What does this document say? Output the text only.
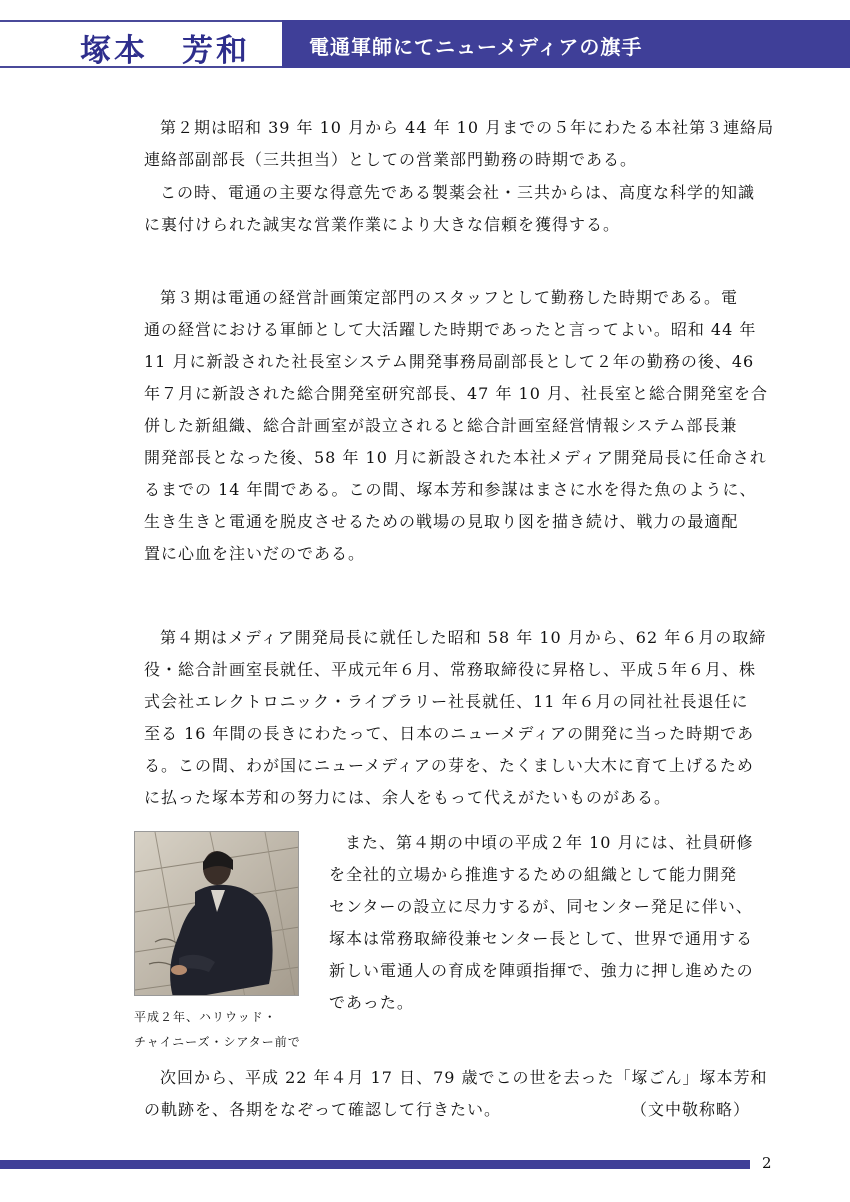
塚本　芳和	電通軍師にてニューメディアの旗手
第２期は昭和 39 年 10 月から 44 年 10 月までの５年にわたる本社第３連絡局
連絡部副部長（三共担当）としての営業部門勤務の時期である。
この時、電通の主要な得意先である製薬会社・三共からは、高度な科学的知識
に裏付けられた誠実な営業作業により大きな信頼を獲得する。
第３期は電通の経営計画策定部門のスタッフとして勤務した時期である。電
通の経営における軍師として大活躍した時期であったと言ってよい。昭和 44 年
11 月に新設された社長室システム開発事務局副部長として２年の勤務の後、46
年７月に新設された総合開発室研究部長、47 年 10 月、社長室と総合開発室を合
併した新組織、総合計画室が設立されると総合計画室経営情報システム部長兼
開発部長となった後、58 年 10 月に新設された本社メディア開発局長に任命され
るまでの 14 年間である。この間、塚本芳和参謀はまさに水を得た魚のように、
生き生きと電通を脱皮させるための戦場の見取り図を描き続け、戦力の最適配
置に心血を注いだのである。
第４期はメディア開発局長に就任した昭和 58 年 10 月から、62 年６月の取締
役・総合計画室長就任、平成元年６月、常務取締役に昇格し、平成５年６月、株
式会社エレクトロニック・ライブラリー社長就任、11 年６月の同社社長退任に
至る 16 年間の長きにわたって、日本のニューメディアの開発に当った時期であ
る。この間、わが国にニューメディアの芽を、たくましい大木に育て上げるため
に払った塚本芳和の努力には、余人をもって代えがたいものがある。
平成２年、ハリウッド・
チャイニーズ・シアター前で
また、第４期の中頃の平成２年 10 月には、社員研修
を全社的立場から推進するための組織として能力開発
センターの設立に尽力するが、同センター発足に伴い、
塚本は常務取締役兼センター長として、世界で通用する
新しい電通人の育成を陣頭指揮で、強力に押し進めたの
であった。
次回から、平成 22 年４月 17 日、79 歳でこの世を去った「塚ごん」塚本芳和
の軌跡を、各期をなぞって確認して行きたい。	（文中敬称略）
2
